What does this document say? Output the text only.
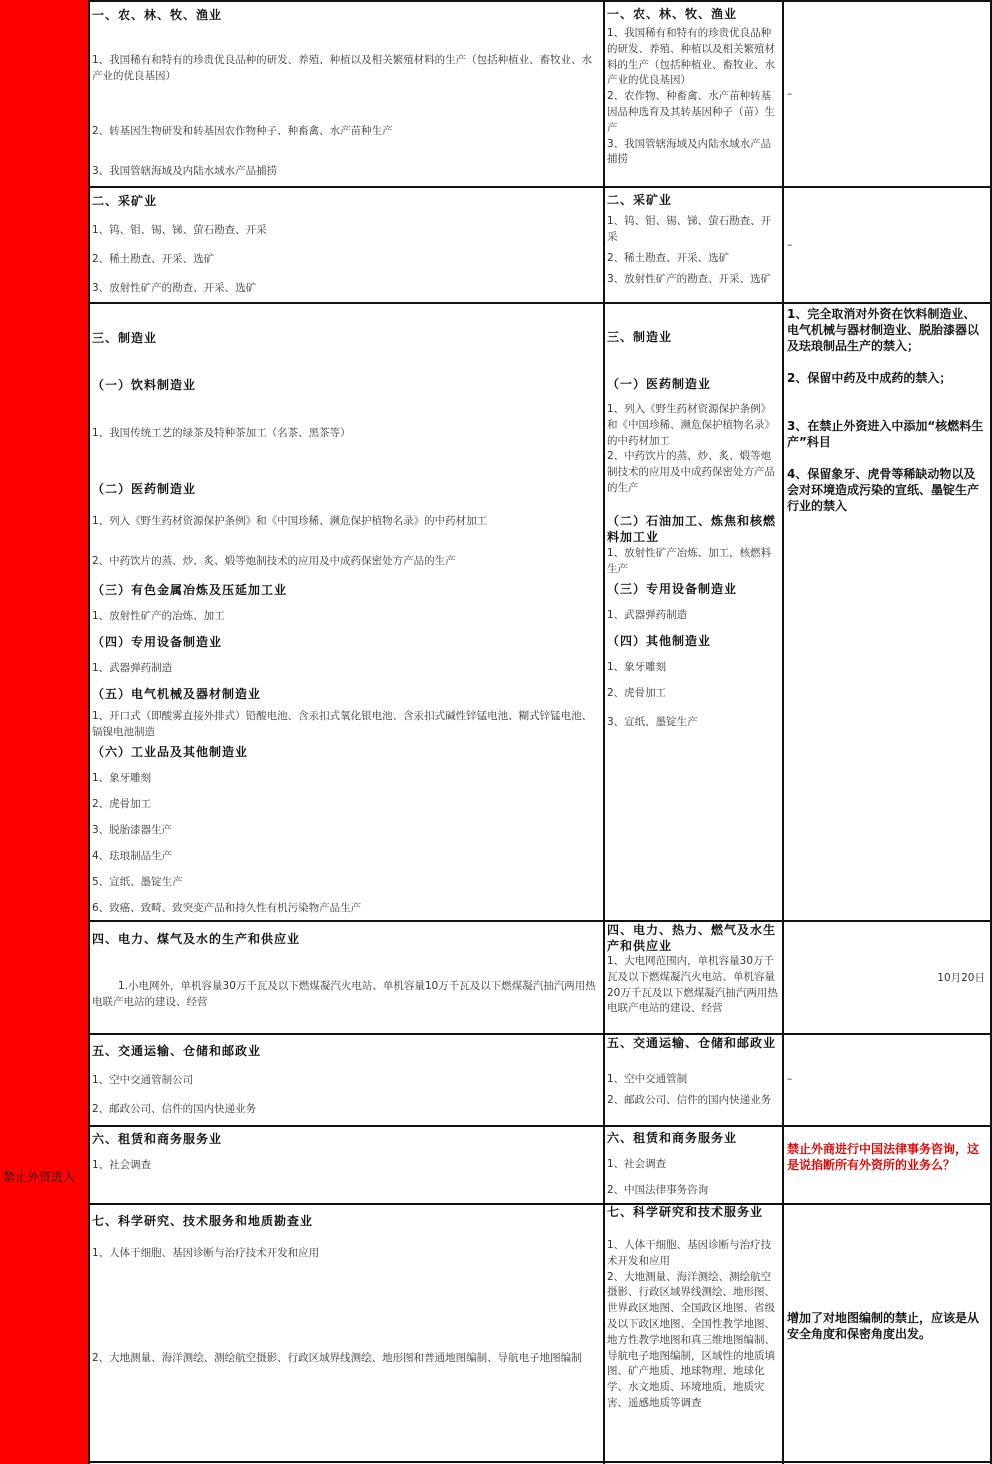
禁止外资进入
一、农、林、牧、渔业
1、我国稀有和特有的珍贵优良品种的研发、养殖、种植以及相关繁殖材料的生产（包括种植业、畜牧业、水产业的优良基因）
2、转基因生物研发和转基因农作物种子、种畜禽、水产苗种生产
3、我国管辖海域及内陆水域水产品捕捞
一、农、林、牧、渔业
1、我国稀有和特有的珍贵优良品种的研发、养殖、种植以及相关繁殖材料的生产（包括种植业、畜牧业、水产业的优良基因）
2、农作物、种畜禽、水产苗种转基因品种选育及其转基因种子（苗）生产
3、我国管辖海域及内陆水域水产品捕捞
–
二、采矿业
1、钨、钼、锡、锑、萤石勘查、开采
2、稀土勘查、开采、选矿
3、放射性矿产的勘查、开采、选矿
二、采矿业
1、钨、钼、锡、锑、萤石勘查、开采
2、稀土勘查、开采、选矿
3、放射性矿产的勘查、开采、选矿
–
三、制造业
（一）饮料制造业
1、我国传统工艺的绿茶及特种茶加工（名茶、黑茶等）
（二）医药制造业
1、列入《野生药材资源保护条例》和《中国珍稀、濒危保护植物名录》的中药材加工
2、中药饮片的蒸、炒、炙、煅等炮制技术的应用及中成药保密处方产品的生产
（三）有色金属冶炼及压延加工业
1、放射性矿产的冶炼、加工
（四）专用设备制造业
1、武器弹药制造
（五）电气机械及器材制造业
1、开口式（即酸雾直接外排式）铅酸电池、含汞扣式氧化银电池、含汞扣式碱性锌锰电池、糊式锌锰电池、镉镍电池制造
（六）工业品及其他制造业
1、象牙雕刻
2、虎骨加工
3、脱胎漆器生产
4、珐琅制品生产
5、宣纸、墨锭生产
6、致癌、致畸、致突变产品和持久性有机污染物产品生产
三、制造业
（一）医药制造业
1、列入《野生药材资源保护条例》和《中国珍稀、濒危保护植物名录》的中药材加工
2、中药饮片的蒸、炒、炙、煅等炮制技术的应用及中成药保密处方产品的生产
（二）石油加工、炼焦和核燃料加工业
1、放射性矿产冶炼、加工，核燃料生产
（三）专用设备制造业
1、武器弹药制造
（四）其他制造业
1、象牙雕刻
2、虎骨加工
3、宣纸、墨锭生产
1、完全取消对外资在饮料制造业、电气机械与器材制造业、脱胎漆器以及珐琅制品生产的禁入；
2、保留中药及中成药的禁入；
3、在禁止外资进入中添加“核燃料生产”科目
4、保留象牙、虎骨等稀缺动物以及会对环境造成污染的宣纸、墨锭生产行业的禁入
四、电力、煤气及水的生产和供应业
1.小电网外，单机容量30万千瓦及以下燃煤凝汽火电站、单机容量10万千瓦及以下燃煤凝汽抽汽两用热电联产电站的建设、经营
四、电力、热力、燃气及水生产和供应业
1、大电网范围内，单机容量30万千瓦及以下燃煤凝汽火电站、单机容量20万千瓦及以下燃煤凝汽抽汽两用热电联产电站的建设、经营
10月20日
五、交通运输、仓储和邮政业
1、空中交通管制公司
2、邮政公司、信件的国内快递业务
五、交通运输、仓储和邮政业
1、空中交通管制
2、邮政公司、信件的国内快递业务
–
六、租赁和商务服务业
1、社会调查
六、租赁和商务服务业
1、社会调查
2、中国法律事务咨询
禁止外商进行中国法律事务咨询，这是说掐断所有外资所的业务么？
七、科学研究、技术服务和地质勘查业
1、人体干细胞、基因诊断与治疗技术开发和应用
2、大地测量、海洋测绘、测绘航空摄影、行政区域界线测绘、地形图和普通地图编制、导航电子地图编制
七、科学研究和技术服务业
1、人体干细胞、基因诊断与治疗技术开发和应用
2、大地测量、海洋测绘、测绘航空摄影、行政区域界线测绘、地形图、世界政区地图、全国政区地图、省级及以下政区地图、全国性教学地图、地方性教学地图和真三维地图编制、导航电子地图编制，区域性的地质填图、矿产地质、地球物理、地球化学、水文地质、环境地质、地质灾害、遥感地质等调查
增加了对地图编制的禁止，应该是从安全角度和保密角度出发。
